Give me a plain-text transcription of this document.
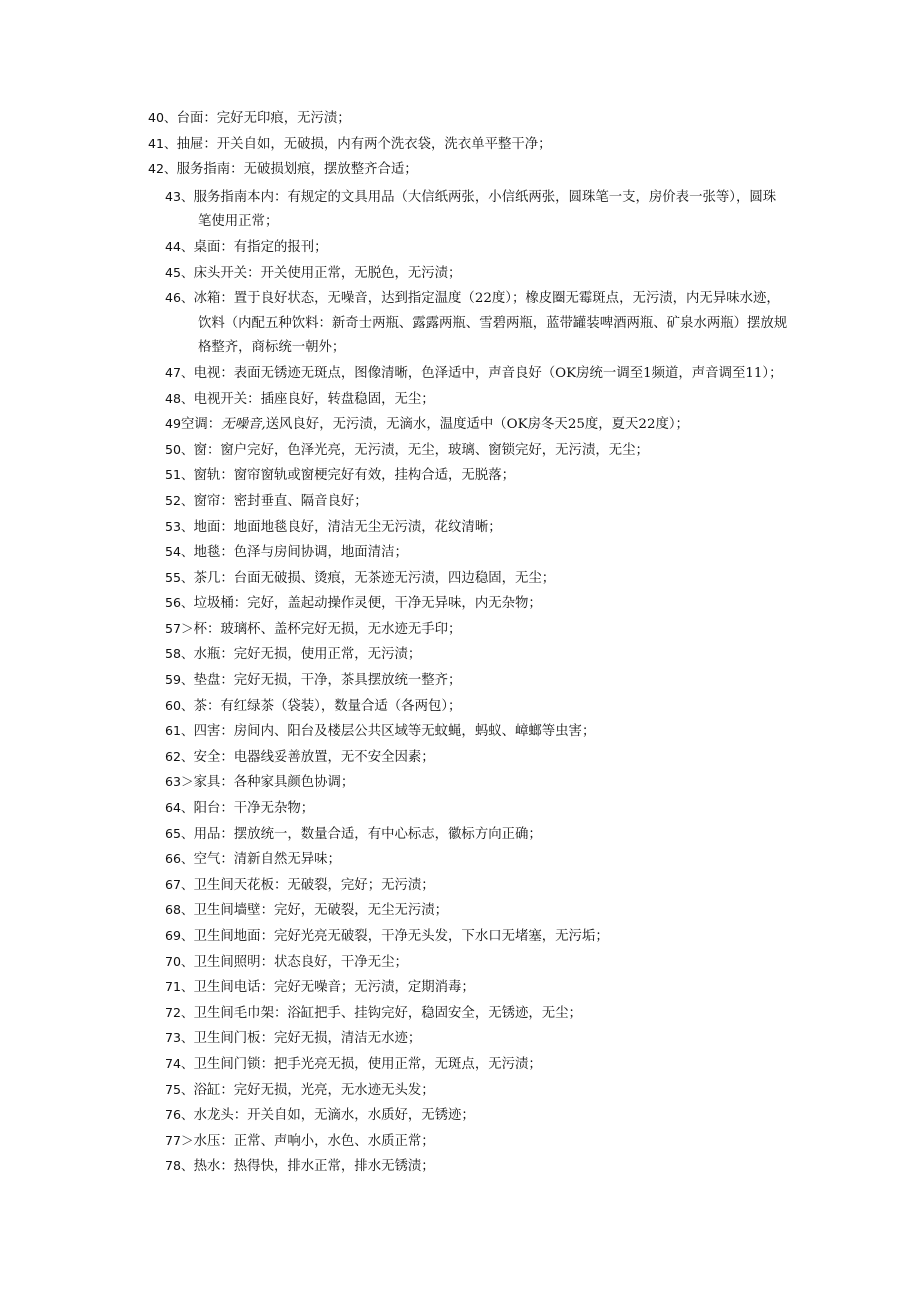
40、台面：完好无印痕，无污渍；
41、抽屉：开关自如，无破损，内有两个洗衣袋，洗衣单平整干净；
42、服务指南：无破损划痕，摆放整齐合适；
43、服务指南本内：有规定的文具用品（大信纸两张，小信纸两张，圆珠笔一支，房价表一张等），圆珠笔使用正常；
44、桌面：有指定的报刊；
45、床头开关：开关使用正常，无脱色，无污渍；
46、冰箱：置于良好状态，无噪音，达到指定温度（22度）；橡皮圈无霉斑点，无污渍，内无异味水迹，饮料（内配五种饮料：新奇士两瓶、露露两瓶、雪碧两瓶，蓝带罐装啤酒两瓶、矿泉水两瓶）摆放规格整齐，商标统一朝外；
47、电视：表面无锈迹无斑点，图像清晰，色泽适中，声音良好（OK房统一调至1频道，声音调至11）；
48、电视开关：插座良好，转盘稳固，无尘；
49空调：无噪音,送风良好，无污渍，无滴水，温度适中（OK房冬天25度，夏天22度）；
50、窗：窗户完好，色泽光亮，无污渍，无尘，玻璃、窗锁完好，无污渍，无尘；
51、窗轨：窗帘窗轨或窗梗完好有效，挂构合适，无脱落；
52、窗帘：密封垂直、隔音良好；
53、地面：地面地毯良好，清洁无尘无污渍，花纹清晰；
54、地毯：色泽与房间协调，地面清洁；
55、茶几：台面无破损、烫痕，无茶迹无污渍，四边稳固，无尘；
56、垃圾桶：完好，盖起动操作灵便，干净无异味，内无杂物；
57＞杯：玻璃杯、盖杯完好无损，无水迹无手印；
58、水瓶：完好无损，使用正常，无污渍；
59、垫盘：完好无损，干净，茶具摆放统一整齐；
60、茶：有红绿茶（袋装），数量合适（各两包）；
61、四害：房间内、阳台及楼层公共区域等无蚊蝇，蚂蚁、嶂螂等虫害；
62、安全：电器线妥善放置，无不安全因素；
63＞家具：各种家具颜色协调；
64、阳台：干净无杂物；
65、用品：摆放统一，数量合适，有中心标志，徽标方向正确；
66、空气：清新自然无异味；
67、卫生间天花板：无破裂，完好；无污渍；
68、卫生间墙壁：完好，无破裂，无尘无污渍；
69、卫生间地面：完好光亮无破裂，干净无头发，下水口无堵塞，无污垢；
70、卫生间照明：状态良好，干净无尘；
71、卫生间电话：完好无噪音；无污渍，定期消毒；
72、卫生间毛巾架：浴缸把手、挂钩完好，稳固安全，无锈迹，无尘；
73、卫生间门板：完好无损，清洁无水迹；
74、卫生间门锁：把手光亮无损，使用正常，无斑点，无污渍；
75、浴缸：完好无损，光亮，无水迹无头发；
76、水龙头：开关自如，无滴水，水质好，无锈迹；
77＞水压：正常、声响小，水色、水质正常；
78、热水：热得快，排水正常，排水无锈渍；
